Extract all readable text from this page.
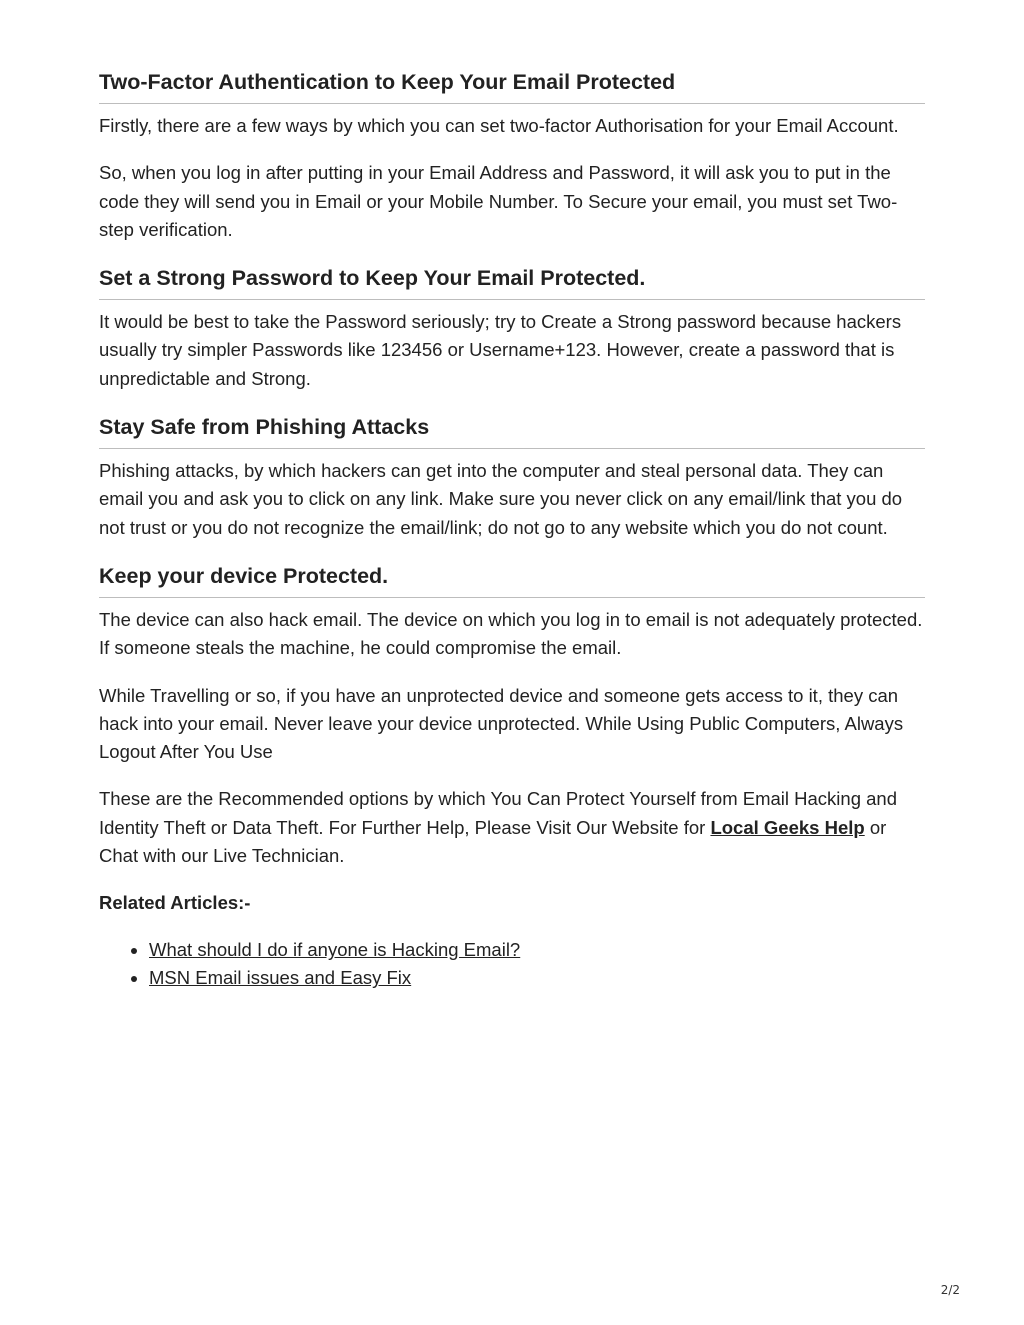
Two-Factor Authentication to Keep Your Email Protected

Firstly, there are a few ways by which you can set two-factor Authorisation for your Email Account.

So, when you log in after putting in your Email Address and Password, it will ask you to put in the code they will send you in Email or your Mobile Number. To Secure your email, you must set Two-step verification.

Set a Strong Password to Keep Your Email Protected.

It would be best to take the Password seriously; try to Create a Strong password because hackers usually try simpler Passwords like 123456 or Username+123. However, create a password that is unpredictable and Strong.

Stay Safe from Phishing Attacks

Phishing attacks, by which hackers can get into the computer and steal personal data. They can email you and ask you to click on any link. Make sure you never click on any email/link that you do not trust or you do not recognize the email/link; do not go to any website which you do not count.

Keep your device Protected.

The device can also hack email. The device on which you log in to email is not adequately protected. If someone steals the machine, he could compromise the email.

While Travelling or so, if you have an unprotected device and someone gets access to it, they can hack into your email. Never leave your device unprotected. While Using Public Computers, Always Logout After You Use

These are the Recommended options by which You Can Protect Yourself from Email Hacking and Identity Theft or Data Theft. For Further Help, Please Visit Our Website for Local Geeks Help or Chat with our Live Technician.

Related Articles:-
• What should I do if anyone is Hacking Email?
• MSN Email issues and Easy Fix
2/2
